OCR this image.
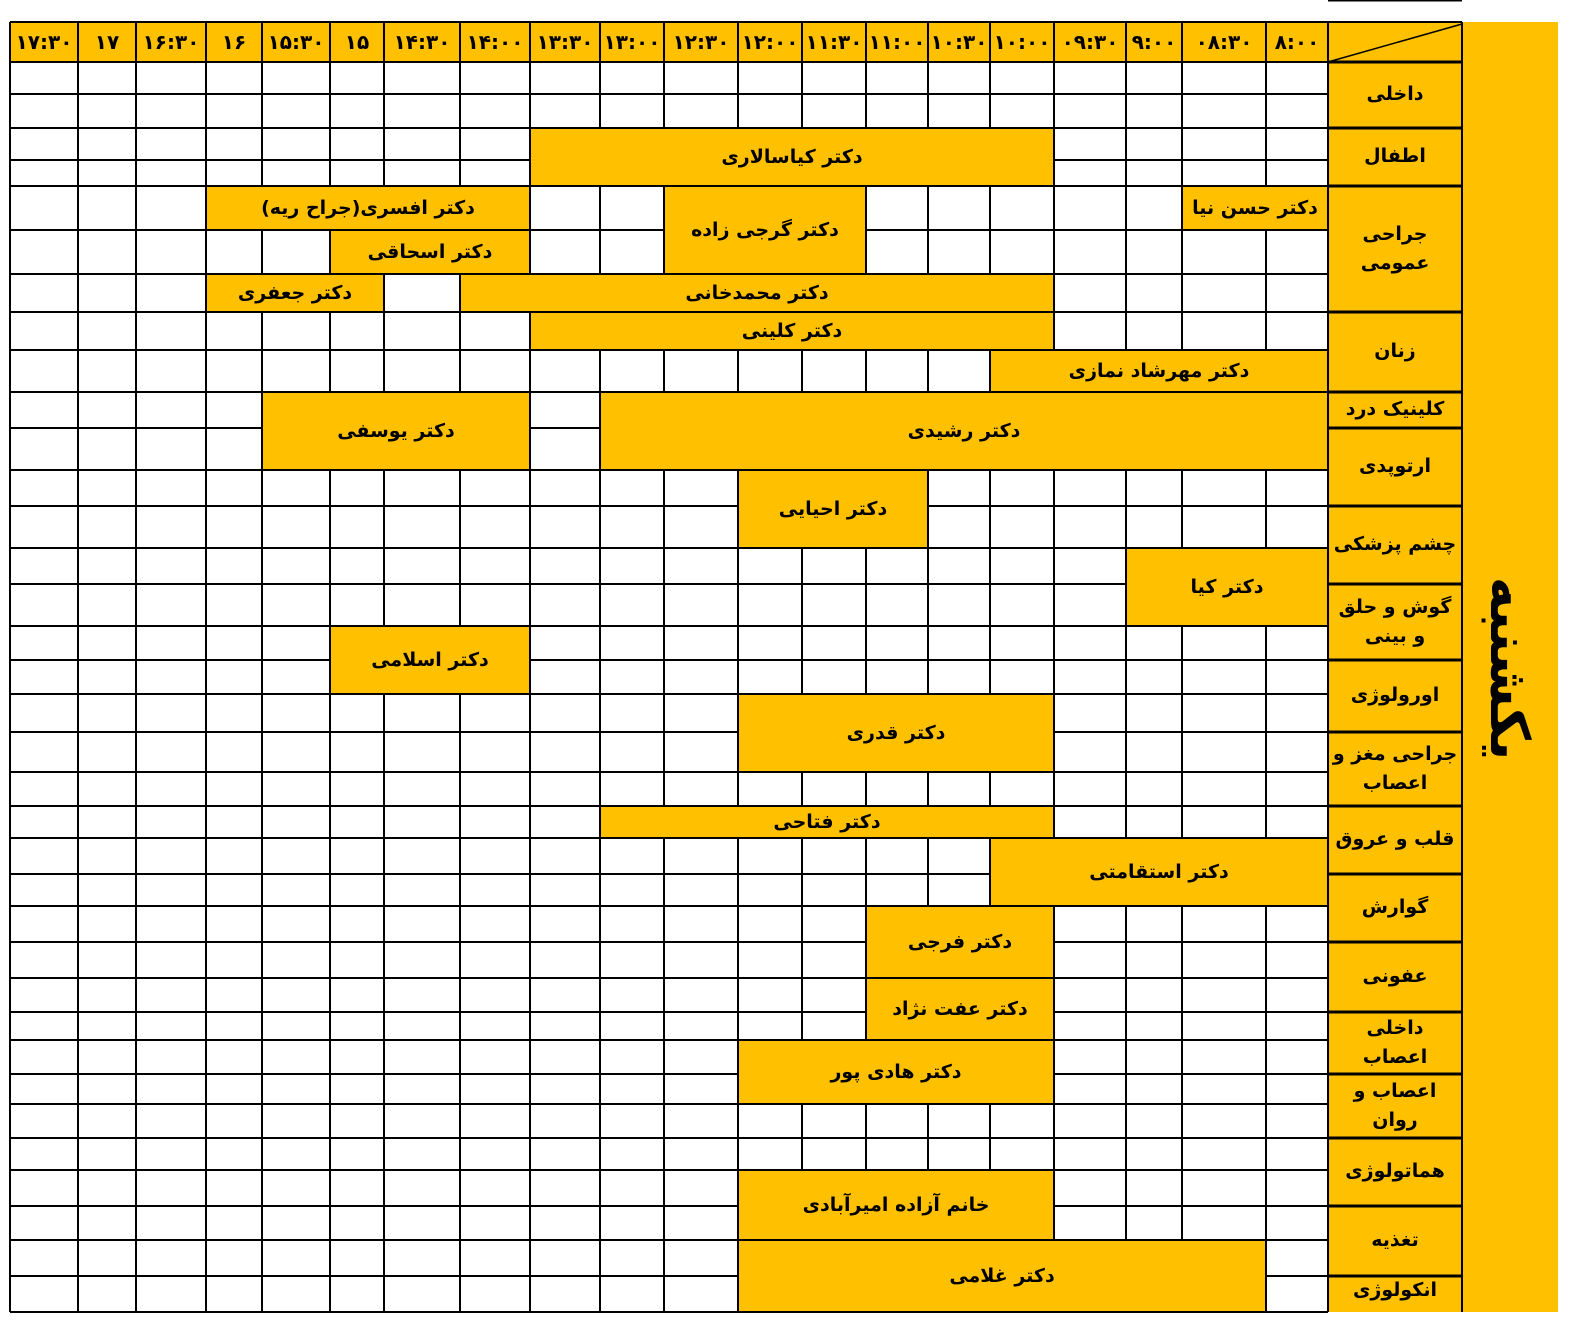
۸:۰۰
۰۸:۳۰
۹:۰۰
۰۹:۳۰
۱۰:۰۰
۱۰:۳۰
۱۱:۰۰
۱۱:۳۰
۱۲:۰۰
۱۲:۳۰
۱۳:۰۰
۱۳:۳۰
۱۴:۰۰
۱۴:۳۰
۱۵
۱۵:۳۰
۱۶
۱۶:۳۰
۱۷
۱۷:۳۰
داخلی
اطفال
جراحی عمومی
زنان
کلینیک درد
ارتوپدی
چشم پزشکی
گوش و حلق و بینی
اورولوژی
جراحی مغز و اعصاب
قلب و عروق
گوارش
عفونی
داخلی اعصاب
اعصاب و روان
هماتولوژی
تغذیه
انکولوژی
دکتر کیاسالاری
دکتر حسن نیا
دکتر گرجی زاده
دکتر افسری(جراح ریه)
دکتر اسحاقی
دکتر محمدخانی
دکتر جعفری
دکتر کلینی
دکتر مهرشاد نمازی
دکتر رشیدی
دکتر یوسفی
دکتر احیایی
دکتر کیا
دکتر اسلامی
دکتر قدری
دکتر فتاحی
دکتر استقامتی
دکتر فرجی
دکتر عفت نژاد
دکتر هادی پور
خانم آزاده امیرآبادی
دکتر غلامی
یکشنبه
